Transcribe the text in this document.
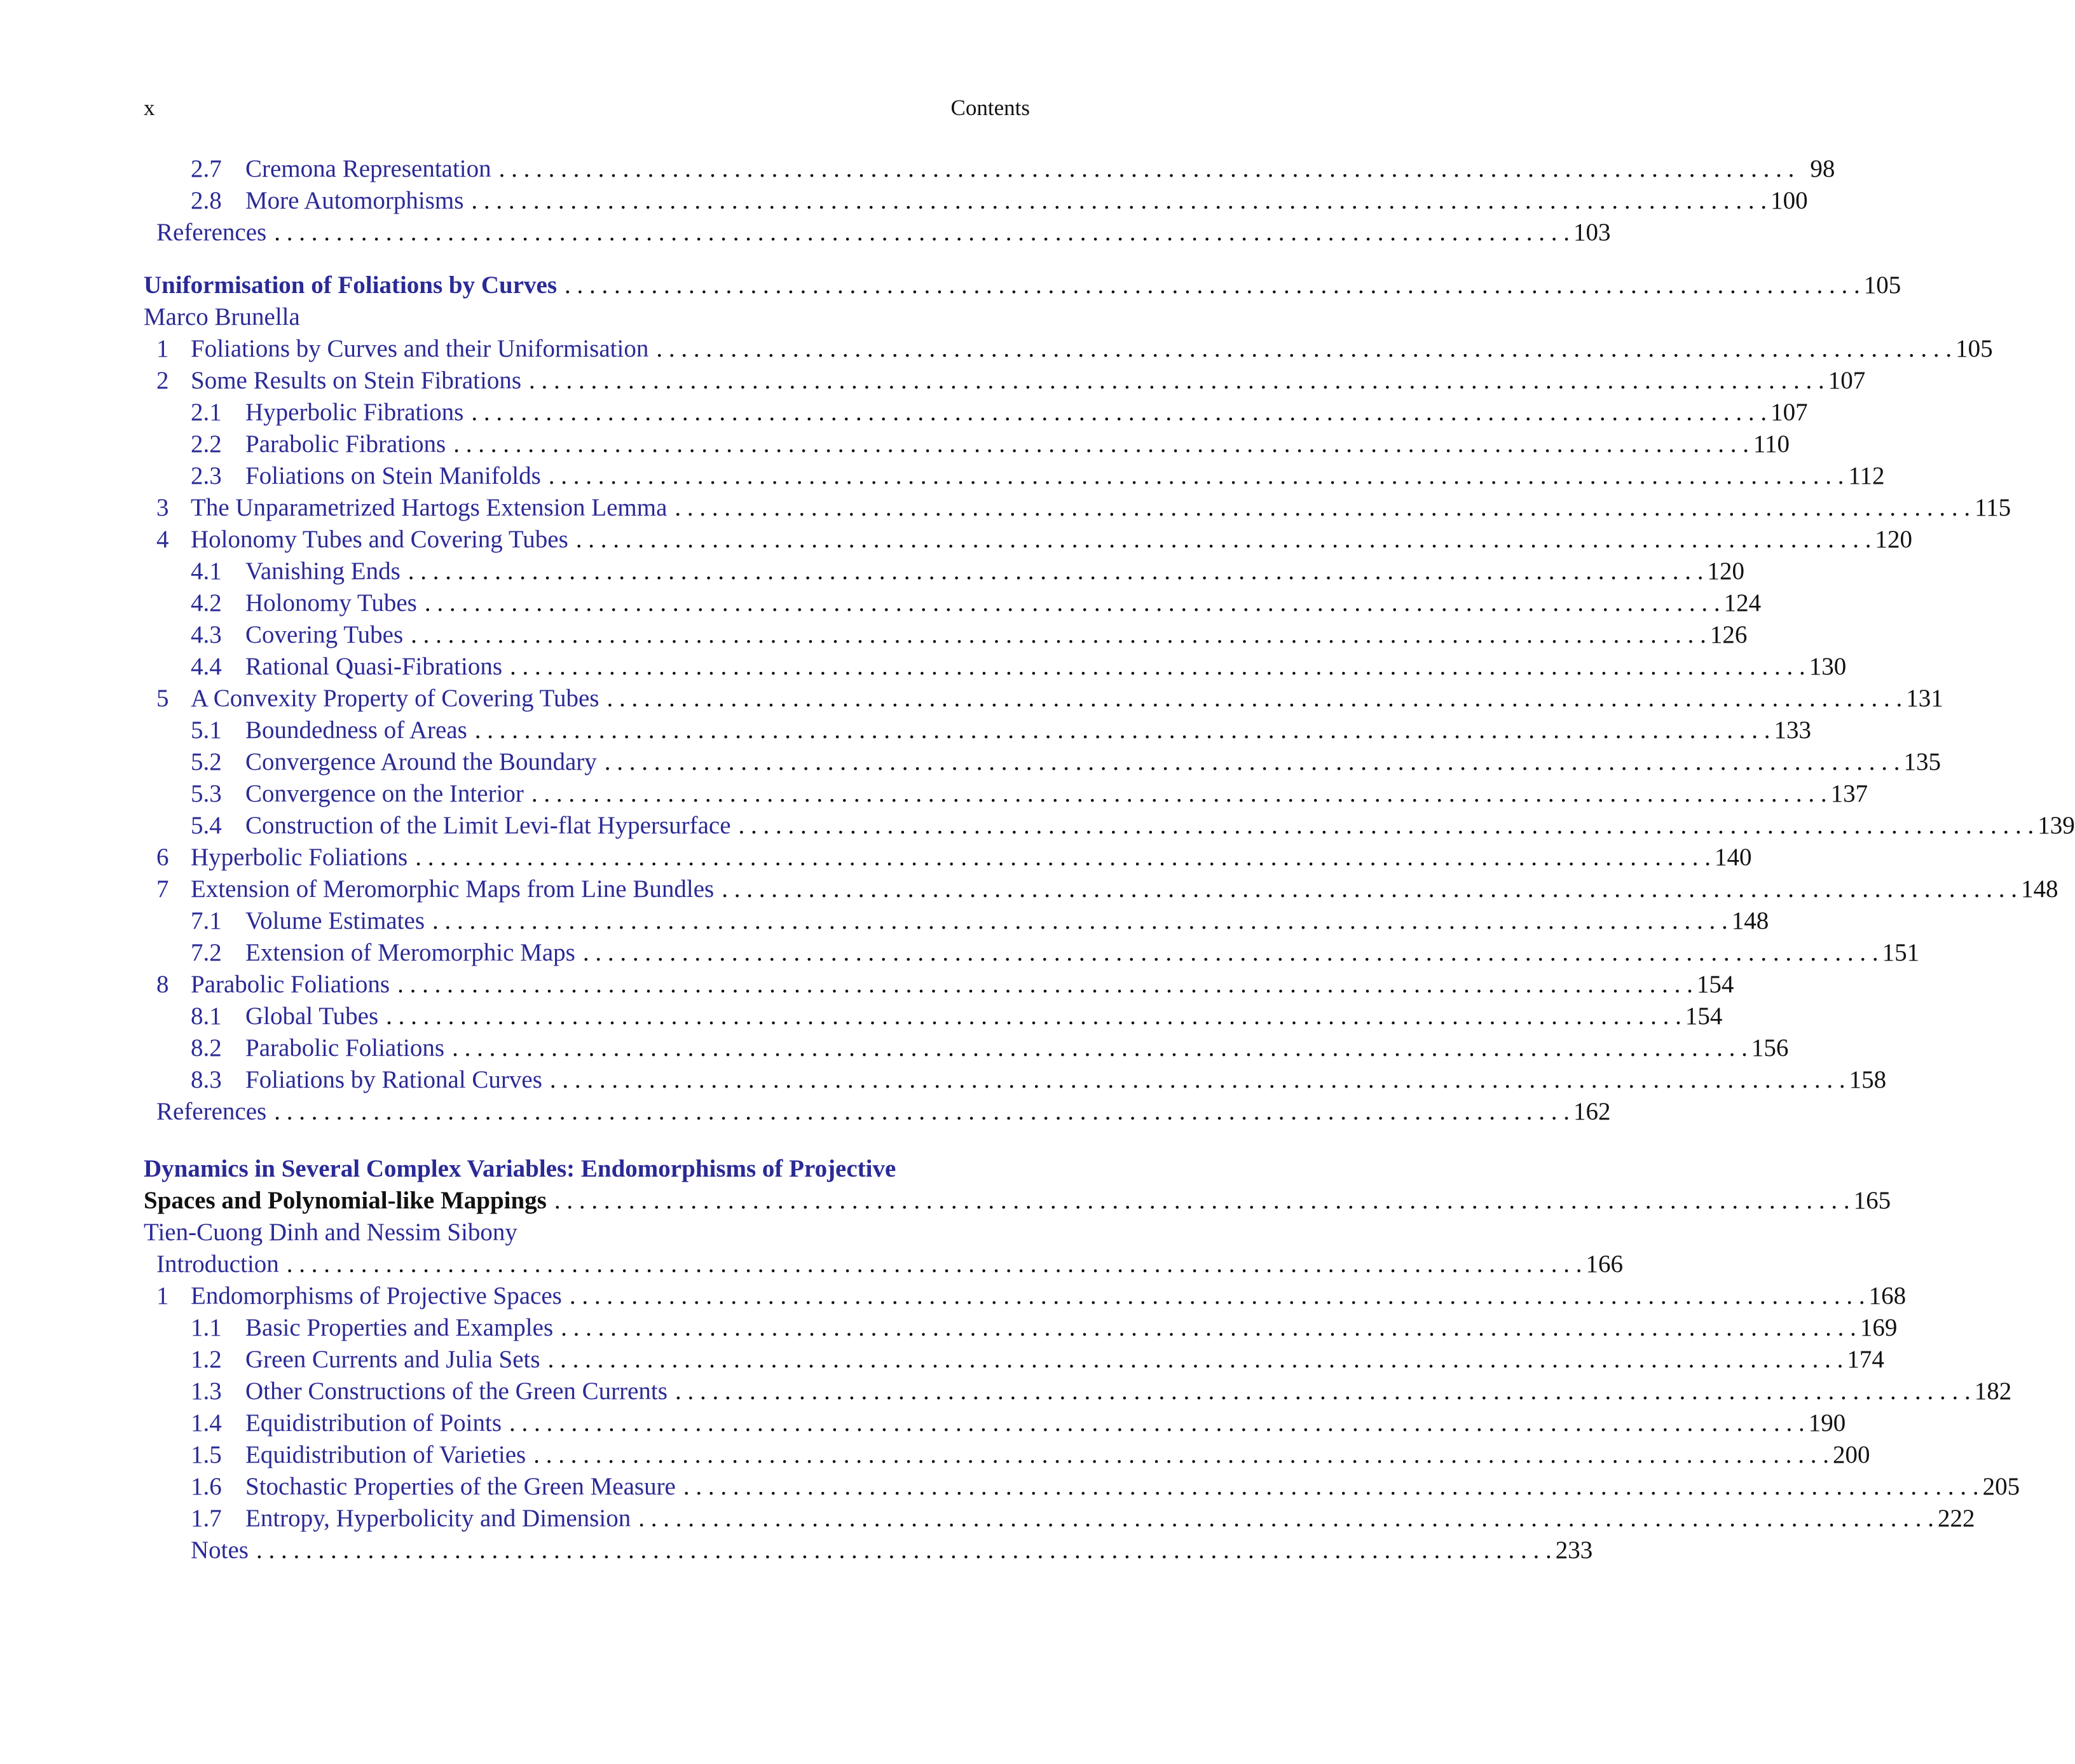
x	Contents
2.7 Cremona Representation . . . . . . . . . . . . . . . . . . . . . . . . . . . . . . . . . . . . . . . . . . . . . . . . . . . . . . . . . . . . . . . . . . . . . . . . . . . . . . . . . . . . . . . . . . . . . . . . . . . . . . . . . 98
2.8 More Automorphisms . . . . . . . . . . . . . . . . . . . . . . . . . . . . . . . . . . . . . . . . . . . . . . . . . . . . . . . . . . . . . . . . . . . . . . . . . . . . . . . . . . . . . . . . . . . . . . . . . . . . . . . . . 100
References . . . . . . . . . . . . . . . . . . . . . . . . . . . . . . . . . . . . . . . . . . . . . . . . . . . . . . . . . . . . . . . . . . . . . . . . . . . . . . . . . . . . . . . . . . . . . . . . . . . . . . . . . 103
Uniformisation of Foliations by Curves . . . . . . . . . . . . . . . . . . . . . . . . . . . . . . . . . . . . . . . . . . . . . . . . . . . . . . . . . . . . . . . . . . . . . . . . . . . . . . . . . . . . . . . . . . . . . . . . . . . . . . . . . 105
Marco Brunella
1 Foliations by Curves and their Uniformisation . . . . . . . . . . . . . . . . . . . . . . . . . . . . . . . . . . . . . . . . . . . . . . . . . . . . . . . . . . . . . . . . . . . . . . . . . . . . . . . . . . . . . . . . . . . . . . . . . . . . . . . . . 105
2 Some Results on Stein Fibrations . . . . . . . . . . . . . . . . . . . . . . . . . . . . . . . . . . . . . . . . . . . . . . . . . . . . . . . . . . . . . . . . . . . . . . . . . . . . . . . . . . . . . . . . . . . . . . . . . . . . . . . . . 107
2.1 Hyperbolic Fibrations . . . . . . . . . . . . . . . . . . . . . . . . . . . . . . . . . . . . . . . . . . . . . . . . . . . . . . . . . . . . . . . . . . . . . . . . . . . . . . . . . . . . . . . . . . . . . . . . . . . . . . . . . 107
2.2 Parabolic Fibrations . . . . . . . . . . . . . . . . . . . . . . . . . . . . . . . . . . . . . . . . . . . . . . . . . . . . . . . . . . . . . . . . . . . . . . . . . . . . . . . . . . . . . . . . . . . . . . . . . . . . . . . . . 110
2.3 Foliations on Stein Manifolds . . . . . . . . . . . . . . . . . . . . . . . . . . . . . . . . . . . . . . . . . . . . . . . . . . . . . . . . . . . . . . . . . . . . . . . . . . . . . . . . . . . . . . . . . . . . . . . . . . . . . . . . . 112
3 The Unparametrized Hartogs Extension Lemma . . . . . . . . . . . . . . . . . . . . . . . . . . . . . . . . . . . . . . . . . . . . . . . . . . . . . . . . . . . . . . . . . . . . . . . . . . . . . . . . . . . . . . . . . . . . . . . . . . . . . . . . . 115
4 Holonomy Tubes and Covering Tubes . . . . . . . . . . . . . . . . . . . . . . . . . . . . . . . . . . . . . . . . . . . . . . . . . . . . . . . . . . . . . . . . . . . . . . . . . . . . . . . . . . . . . . . . . . . . . . . . . . . . . . . . . 120
4.1 Vanishing Ends . . . . . . . . . . . . . . . . . . . . . . . . . . . . . . . . . . . . . . . . . . . . . . . . . . . . . . . . . . . . . . . . . . . . . . . . . . . . . . . . . . . . . . . . . . . . . . . . . . . . . . . . . 120
4.2 Holonomy Tubes . . . . . . . . . . . . . . . . . . . . . . . . . . . . . . . . . . . . . . . . . . . . . . . . . . . . . . . . . . . . . . . . . . . . . . . . . . . . . . . . . . . . . . . . . . . . . . . . . . . . . . . . . 124
4.3 Covering Tubes . . . . . . . . . . . . . . . . . . . . . . . . . . . . . . . . . . . . . . . . . . . . . . . . . . . . . . . . . . . . . . . . . . . . . . . . . . . . . . . . . . . . . . . . . . . . . . . . . . . . . . . . . 126
4.4 Rational Quasi-Fibrations . . . . . . . . . . . . . . . . . . . . . . . . . . . . . . . . . . . . . . . . . . . . . . . . . . . . . . . . . . . . . . . . . . . . . . . . . . . . . . . . . . . . . . . . . . . . . . . . . . . . . . . . . 130
5 A Convexity Property of Covering Tubes . . . . . . . . . . . . . . . . . . . . . . . . . . . . . . . . . . . . . . . . . . . . . . . . . . . . . . . . . . . . . . . . . . . . . . . . . . . . . . . . . . . . . . . . . . . . . . . . . . . . . . . . . 131
5.1 Boundedness of Areas . . . . . . . . . . . . . . . . . . . . . . . . . . . . . . . . . . . . . . . . . . . . . . . . . . . . . . . . . . . . . . . . . . . . . . . . . . . . . . . . . . . . . . . . . . . . . . . . . . . . . . . . . 133
5.2 Convergence Around the Boundary . . . . . . . . . . . . . . . . . . . . . . . . . . . . . . . . . . . . . . . . . . . . . . . . . . . . . . . . . . . . . . . . . . . . . . . . . . . . . . . . . . . . . . . . . . . . . . . . . . . . . . . . . 135
5.3 Convergence on the Interior . . . . . . . . . . . . . . . . . . . . . . . . . . . . . . . . . . . . . . . . . . . . . . . . . . . . . . . . . . . . . . . . . . . . . . . . . . . . . . . . . . . . . . . . . . . . . . . . . . . . . . . . . 137
5.4 Construction of the Limit Levi-flat Hypersurface . . . . . . . . . . . . . . . . . . . . . . . . . . . . . . . . . . . . . . . . . . . . . . . . . . . . . . . . . . . . . . . . . . . . . . . . . . . . . . . . . . . . . . . . . . . . . . . . . . . . . . . . . 139
6 Hyperbolic Foliations . . . . . . . . . . . . . . . . . . . . . . . . . . . . . . . . . . . . . . . . . . . . . . . . . . . . . . . . . . . . . . . . . . . . . . . . . . . . . . . . . . . . . . . . . . . . . . . . . . . . . . . . . 140
7 Extension of Meromorphic Maps from Line Bundles . . . . . . . . . . . . . . . . . . . . . . . . . . . . . . . . . . . . . . . . . . . . . . . . . . . . . . . . . . . . . . . . . . . . . . . . . . . . . . . . . . . . . . . . . . . . . . . . . . . . . . . . . 148
7.1 Volume Estimates . . . . . . . . . . . . . . . . . . . . . . . . . . . . . . . . . . . . . . . . . . . . . . . . . . . . . . . . . . . . . . . . . . . . . . . . . . . . . . . . . . . . . . . . . . . . . . . . . . . . . . . . . 148
7.2 Extension of Meromorphic Maps . . . . . . . . . . . . . . . . . . . . . . . . . . . . . . . . . . . . . . . . . . . . . . . . . . . . . . . . . . . . . . . . . . . . . . . . . . . . . . . . . . . . . . . . . . . . . . . . . . . . . . . . . 151
8 Parabolic Foliations . . . . . . . . . . . . . . . . . . . . . . . . . . . . . . . . . . . . . . . . . . . . . . . . . . . . . . . . . . . . . . . . . . . . . . . . . . . . . . . . . . . . . . . . . . . . . . . . . . . . . . . . . 154
8.1 Global Tubes . . . . . . . . . . . . . . . . . . . . . . . . . . . . . . . . . . . . . . . . . . . . . . . . . . . . . . . . . . . . . . . . . . . . . . . . . . . . . . . . . . . . . . . . . . . . . . . . . . . . . . . . . 154
8.2 Parabolic Foliations . . . . . . . . . . . . . . . . . . . . . . . . . . . . . . . . . . . . . . . . . . . . . . . . . . . . . . . . . . . . . . . . . . . . . . . . . . . . . . . . . . . . . . . . . . . . . . . . . . . . . . . . . 156
8.3 Foliations by Rational Curves . . . . . . . . . . . . . . . . . . . . . . . . . . . . . . . . . . . . . . . . . . . . . . . . . . . . . . . . . . . . . . . . . . . . . . . . . . . . . . . . . . . . . . . . . . . . . . . . . . . . . . . . . 158
References . . . . . . . . . . . . . . . . . . . . . . . . . . . . . . . . . . . . . . . . . . . . . . . . . . . . . . . . . . . . . . . . . . . . . . . . . . . . . . . . . . . . . . . . . . . . . . . . . . . . . . . . . 162
Dynamics in Several Complex Variables: Endomorphisms of Projective
Spaces and Polynomial-like Mappings . . . . . . . . . . . . . . . . . . . . . . . . . . . . . . . . . . . . . . . . . . . . . . . . . . . . . . . . . . . . . . . . . . . . . . . . . . . . . . . . . . . . . . . . . . . . . . . . . . . . . . . . . 165
Tien-Cuong Dinh and Nessim Sibony
Introduction . . . . . . . . . . . . . . . . . . . . . . . . . . . . . . . . . . . . . . . . . . . . . . . . . . . . . . . . . . . . . . . . . . . . . . . . . . . . . . . . . . . . . . . . . . . . . . . . . . . . . . . . . 166
1 Endomorphisms of Projective Spaces . . . . . . . . . . . . . . . . . . . . . . . . . . . . . . . . . . . . . . . . . . . . . . . . . . . . . . . . . . . . . . . . . . . . . . . . . . . . . . . . . . . . . . . . . . . . . . . . . . . . . . . . . 168
1.1 Basic Properties and Examples . . . . . . . . . . . . . . . . . . . . . . . . . . . . . . . . . . . . . . . . . . . . . . . . . . . . . . . . . . . . . . . . . . . . . . . . . . . . . . . . . . . . . . . . . . . . . . . . . . . . . . . . . 169
1.2 Green Currents and Julia Sets . . . . . . . . . . . . . . . . . . . . . . . . . . . . . . . . . . . . . . . . . . . . . . . . . . . . . . . . . . . . . . . . . . . . . . . . . . . . . . . . . . . . . . . . . . . . . . . . . . . . . . . . . 174
1.3 Other Constructions of the Green Currents . . . . . . . . . . . . . . . . . . . . . . . . . . . . . . . . . . . . . . . . . . . . . . . . . . . . . . . . . . . . . . . . . . . . . . . . . . . . . . . . . . . . . . . . . . . . . . . . . . . . . . . . . 182
1.4 Equidistribution of Points . . . . . . . . . . . . . . . . . . . . . . . . . . . . . . . . . . . . . . . . . . . . . . . . . . . . . . . . . . . . . . . . . . . . . . . . . . . . . . . . . . . . . . . . . . . . . . . . . . . . . . . . . 190
1.5 Equidistribution of Varieties . . . . . . . . . . . . . . . . . . . . . . . . . . . . . . . . . . . . . . . . . . . . . . . . . . . . . . . . . . . . . . . . . . . . . . . . . . . . . . . . . . . . . . . . . . . . . . . . . . . . . . . . . 200
1.6 Stochastic Properties of the Green Measure . . . . . . . . . . . . . . . . . . . . . . . . . . . . . . . . . . . . . . . . . . . . . . . . . . . . . . . . . . . . . . . . . . . . . . . . . . . . . . . . . . . . . . . . . . . . . . . . . . . . . . . . . 205
1.7 Entropy, Hyperbolicity and Dimension . . . . . . . . . . . . . . . . . . . . . . . . . . . . . . . . . . . . . . . . . . . . . . . . . . . . . . . . . . . . . . . . . . . . . . . . . . . . . . . . . . . . . . . . . . . . . . . . . . . . . . . . . 222
Notes . . . . . . . . . . . . . . . . . . . . . . . . . . . . . . . . . . . . . . . . . . . . . . . . . . . . . . . . . . . . . . . . . . . . . . . . . . . . . . . . . . . . . . . . . . . . . . . . . . . . . . . . . 233
